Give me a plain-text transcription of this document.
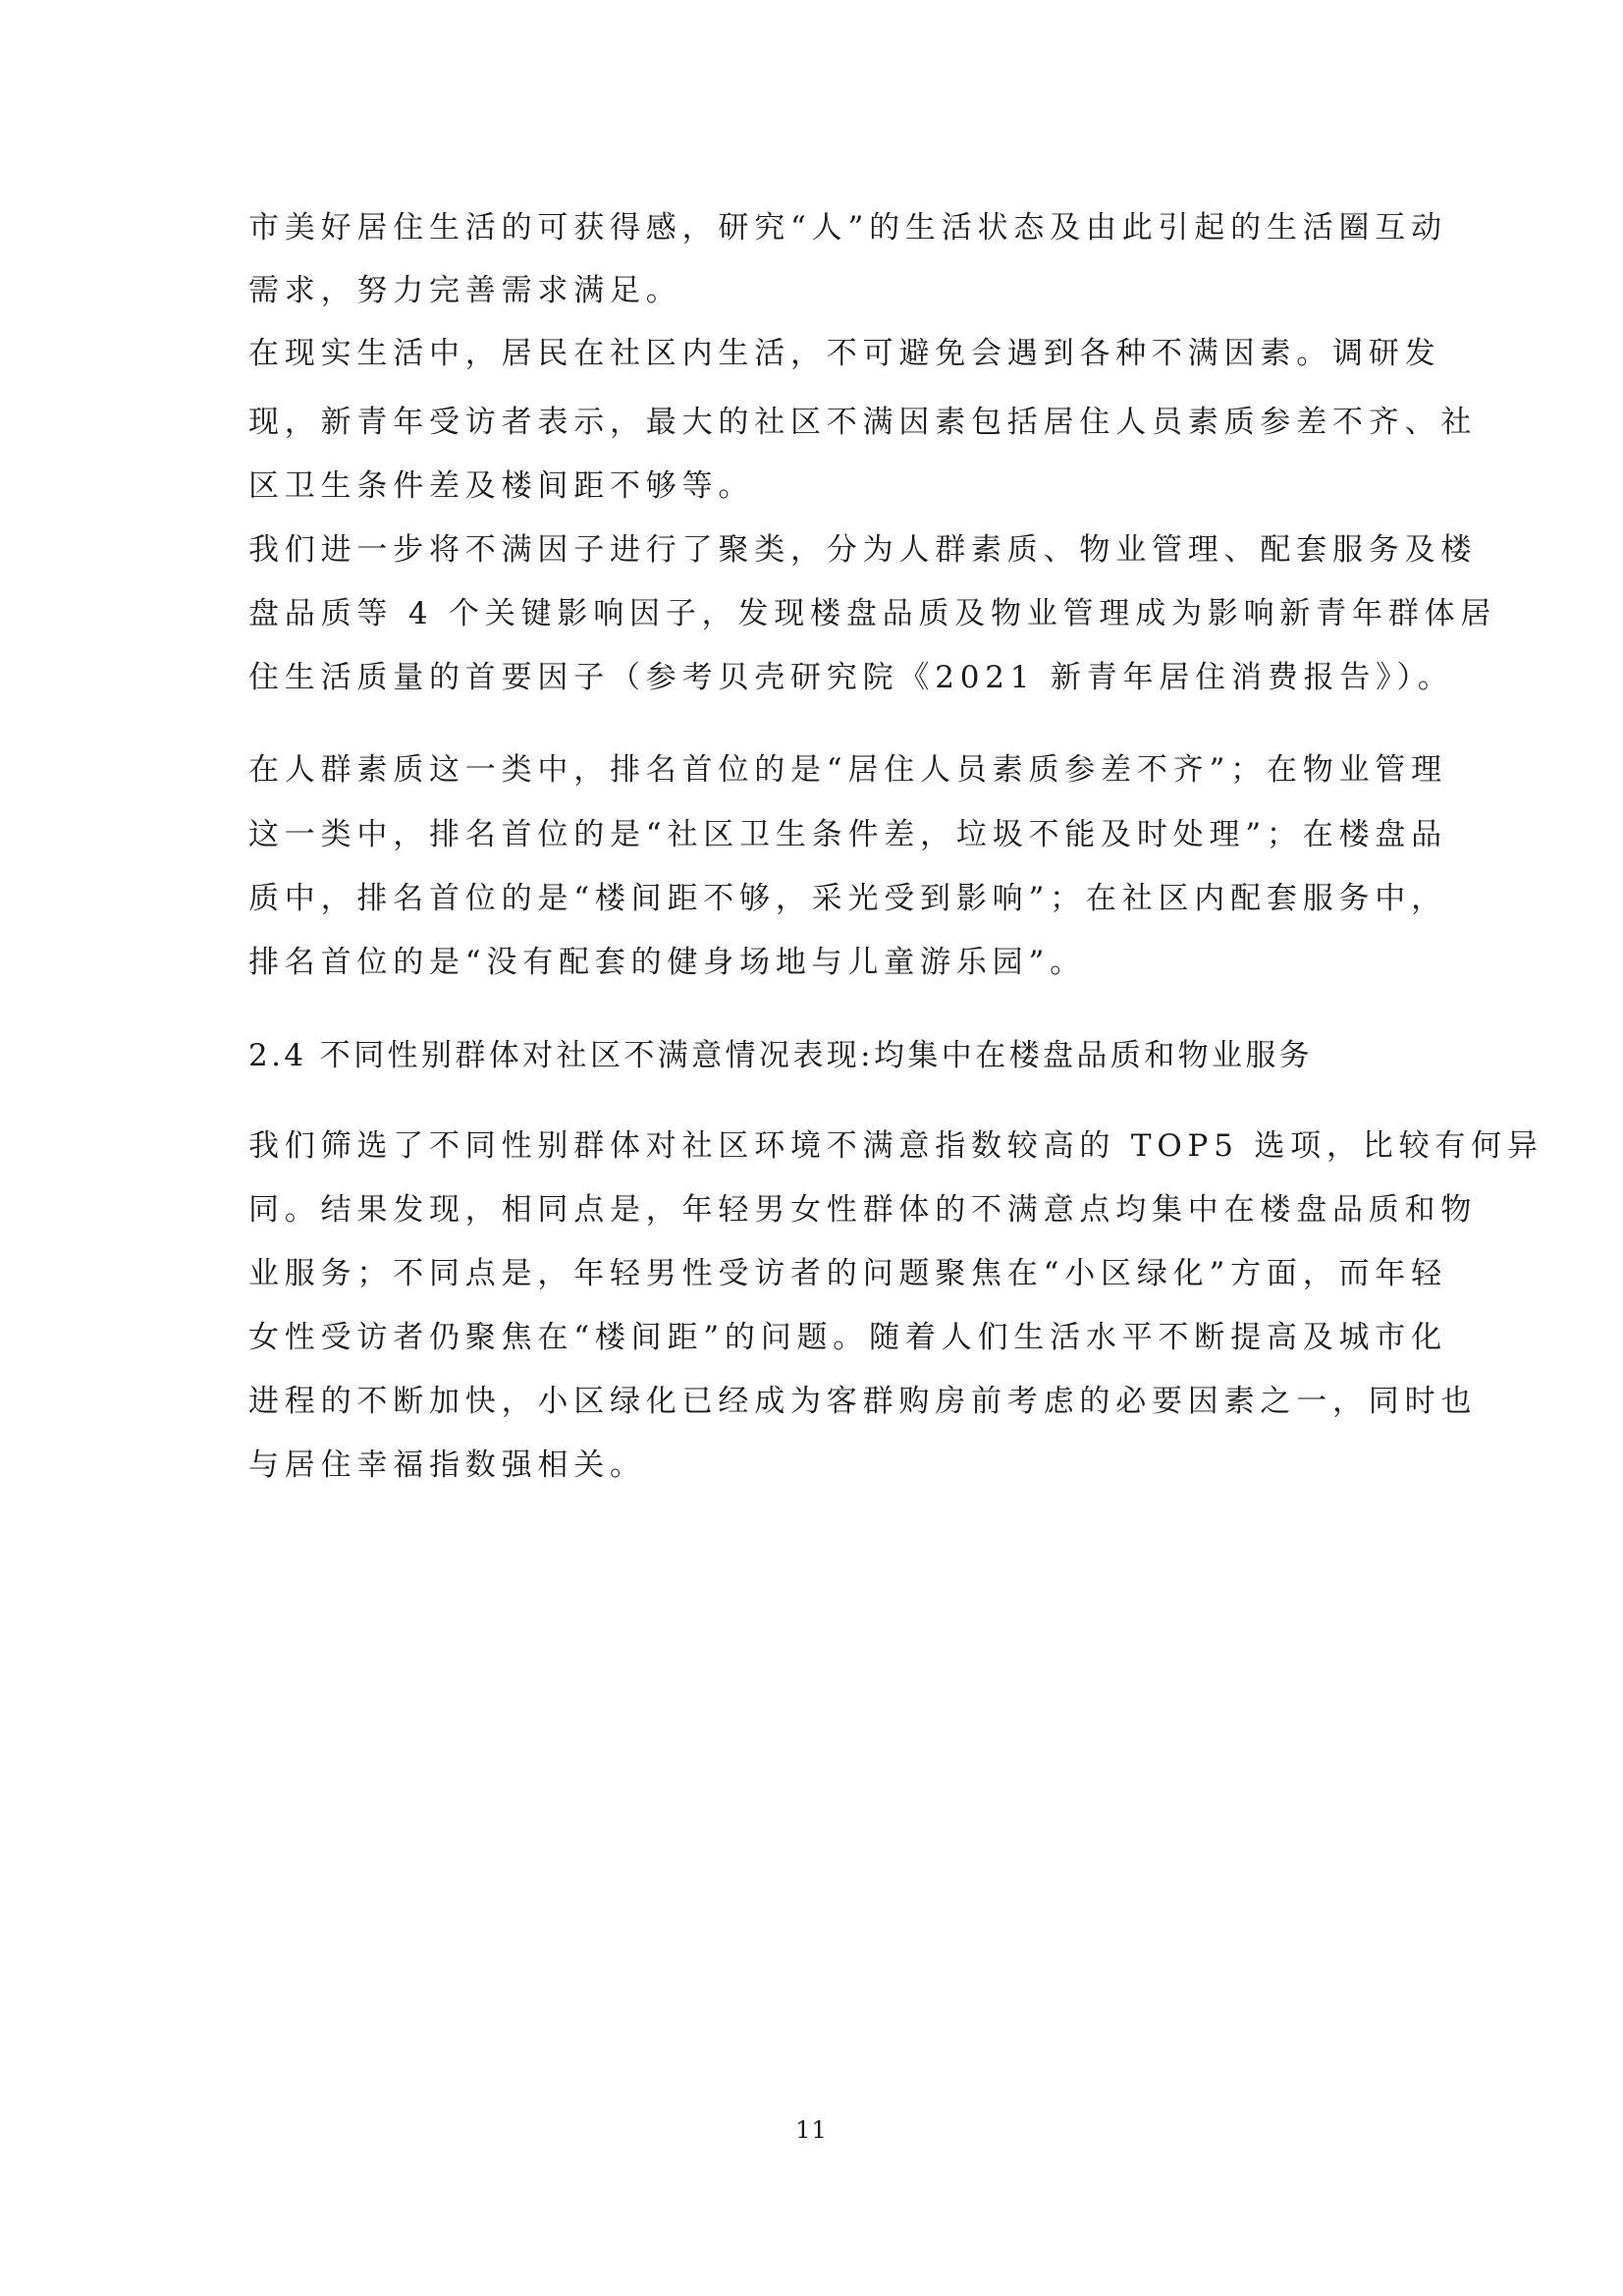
市美好居住生活的可获得感，研究“人”的生活状态及由此引起的生活圈互动

需求，努力完善需求满足。

在现实生活中，居民在社区内生活，不可避免会遇到各种不满因素。调研发

现，新青年受访者表示，最大的社区不满因素包括居住人员素质参差不齐、社

区卫生条件差及楼间距不够等。

我们进一步将不满因子进行了聚类，分为人群素质、物业管理、配套服务及楼

盘品质等 4 个关键影响因子，发现楼盘品质及物业管理成为影响新青年群体居

住生活质量的首要因子（参考贝壳研究院《2021 新青年居住消费报告》）。

在人群素质这一类中，排名首位的是“居住人员素质参差不齐”；在物业管理

这一类中，排名首位的是“社区卫生条件差，垃圾不能及时处理”；在楼盘品

质中，排名首位的是“楼间距不够，采光受到影响”；在社区内配套服务中，

排名首位的是“没有配套的健身场地与儿童游乐园”。

2.4 不同性别群体对社区不满意情况表现:均集中在楼盘品质和物业服务

我们筛选了不同性别群体对社区环境不满意指数较高的 TOP5 选项，比较有何异

同。结果发现，相同点是，年轻男女性群体的不满意点均集中在楼盘品质和物

业服务；不同点是，年轻男性受访者的问题聚焦在“小区绿化”方面，而年轻

女性受访者仍聚焦在“楼间距”的问题。随着人们生活水平不断提高及城市化

进程的不断加快，小区绿化已经成为客群购房前考虑的必要因素之一，同时也

与居住幸福指数强相关。

11
